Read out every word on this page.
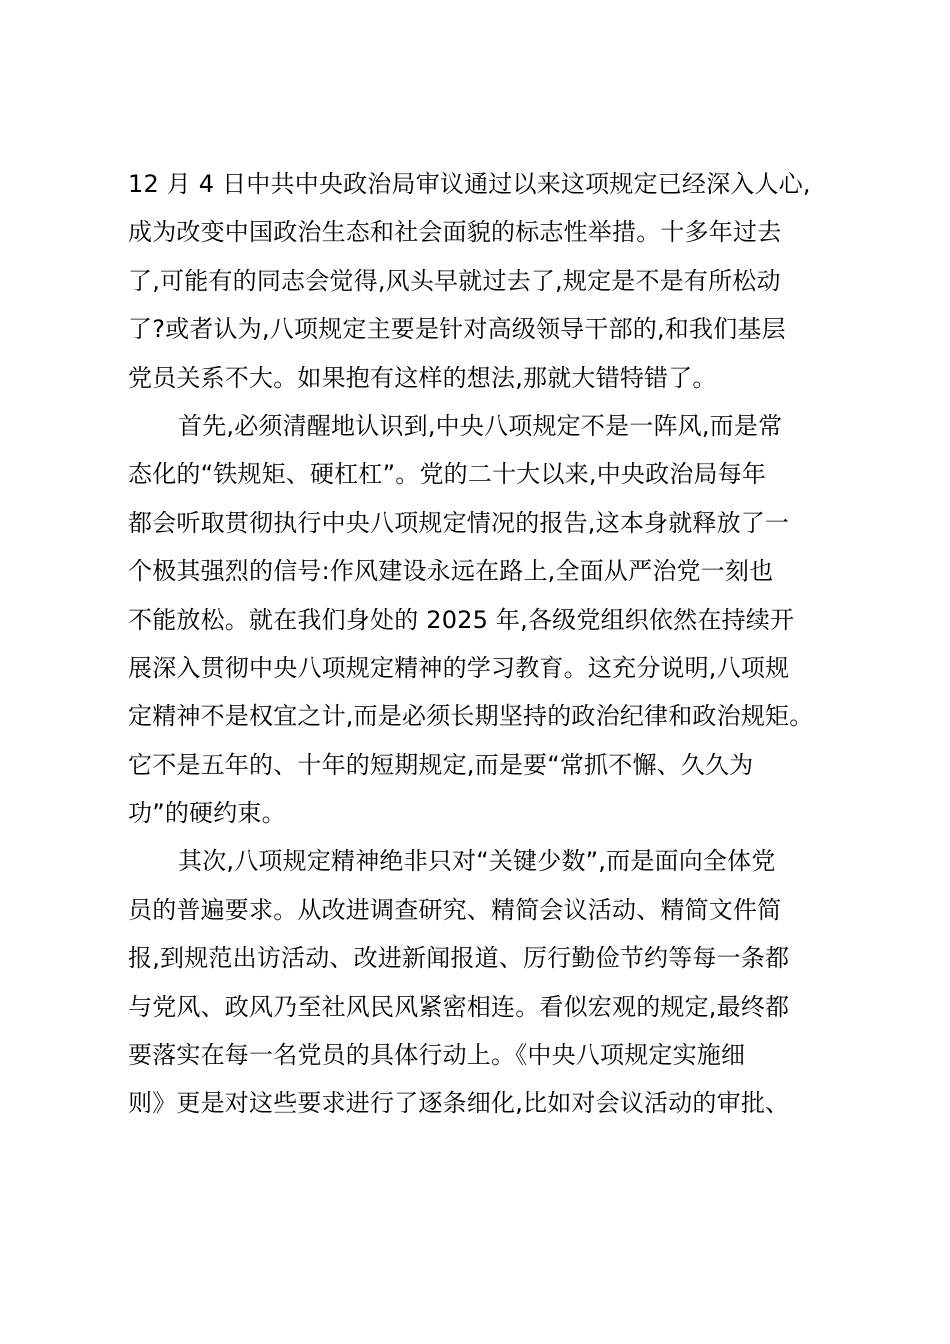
12 月 4 日中共中央政治局审议通过以来这项规定已经深入人心,
成为改变中国政治生态和社会面貌的标志性举措。十多年过去
了,可能有的同志会觉得,风头早就过去了,规定是不是有所松动
了?或者认为,八项规定主要是针对高级领导干部的,和我们基层
党员关系不大。如果抱有这样的想法,那就大错特错了。
首先,必须清醒地认识到,中央八项规定不是一阵风,而是常
态化的“铁规矩、硬杠杠”。党的二十大以来,中央政治局每年
都会听取贯彻执行中央八项规定情况的报告,这本身就释放了一
个极其强烈的信号:作风建设永远在路上,全面从严治党一刻也
不能放松。就在我们身处的 2025 年,各级党组织依然在持续开
展深入贯彻中央八项规定精神的学习教育。这充分说明,八项规
定精神不是权宜之计,而是必须长期坚持的政治纪律和政治规矩。
它不是五年的、十年的短期规定,而是要“常抓不懈、久久为
功”的硬约束。
其次,八项规定精神绝非只对“关键少数”,而是面向全体党
员的普遍要求。从改进调查研究、精简会议活动、精简文件简
报,到规范出访活动、改进新闻报道、厉行勤俭节约等每一条都
与党风、政风乃至社风民风紧密相连。看似宏观的规定,最终都
要落实在每一名党员的具体行动上。《中央八项规定实施细
则》更是对这些要求进行了逐条细化,比如对会议活动的审批、
